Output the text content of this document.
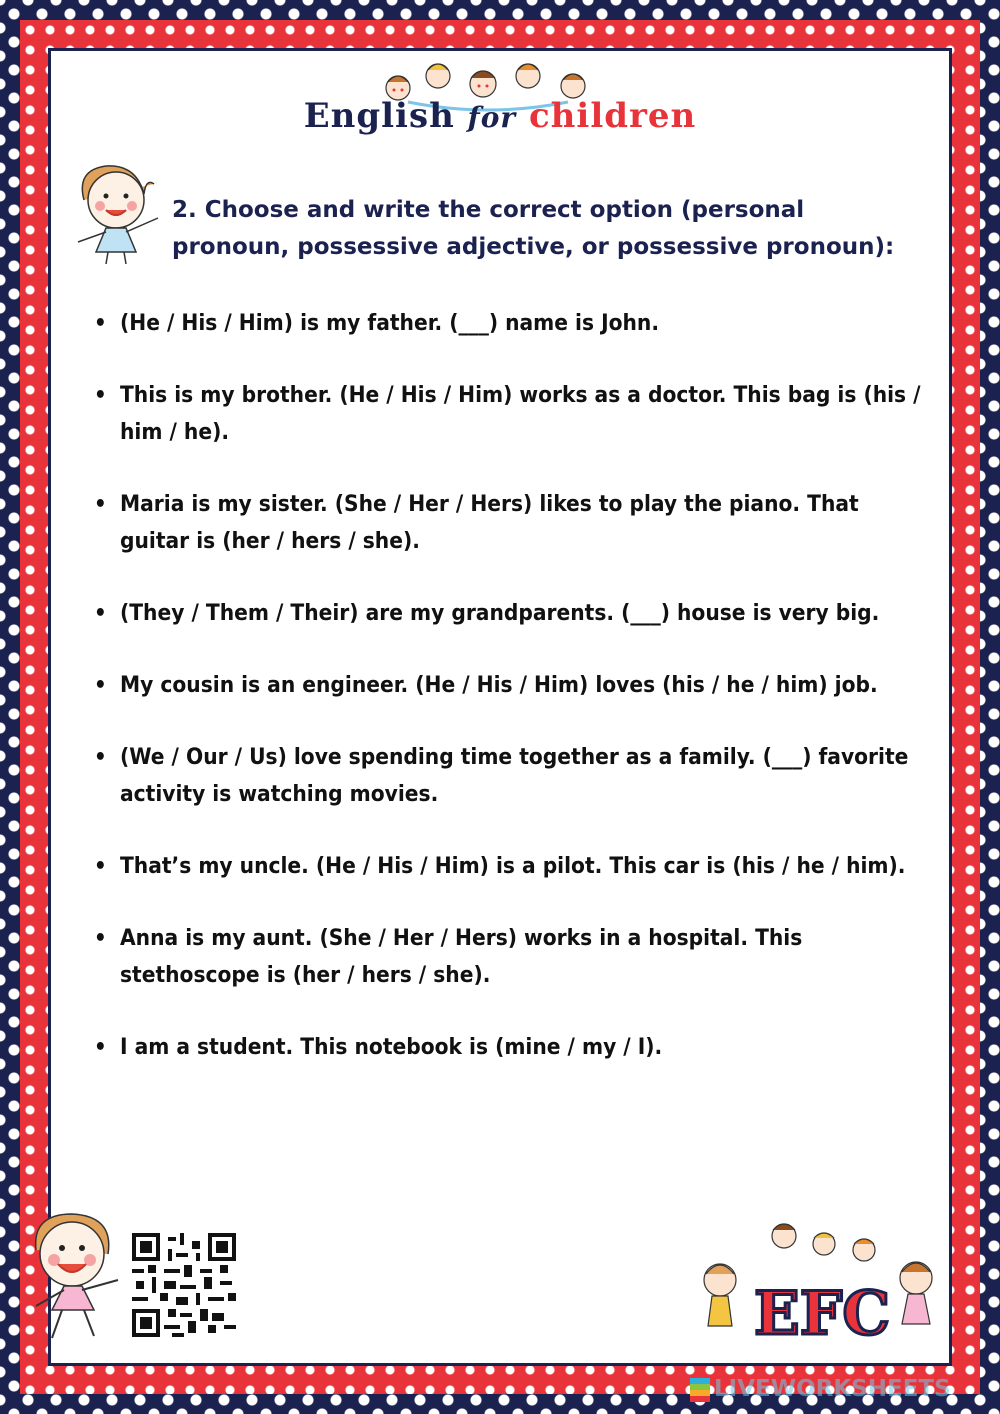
English for children
2. Choose and write the correct option (personal pronoun, possessive adjective, or possessive pronoun):
• (He / His / Him) is my father. (___) name is John.
• This is my brother. (He / His / Him) works as a doctor. This bag is (his / him / he).
• Maria is my sister. (She / Her / Hers) likes to play the piano. That guitar is (her / hers / she).
• (They / Them / Their) are my grandparents. (___) house is very big.
• My cousin is an engineer. (He / His / Him) loves (his / he / him) job.
• (We / Our / Us) love spending time together as a family. (___) favorite activity is watching movies.
• That’s my uncle. (He / His / Him) is a pilot. This car is (his / he / him).
• Anna is my aunt. (She / Her / Hers) works in a hospital. This stethoscope is (her / hers / she).
• I am a student. This notebook is (mine / my / I).
EFC
LIVEWORKSHEETS
